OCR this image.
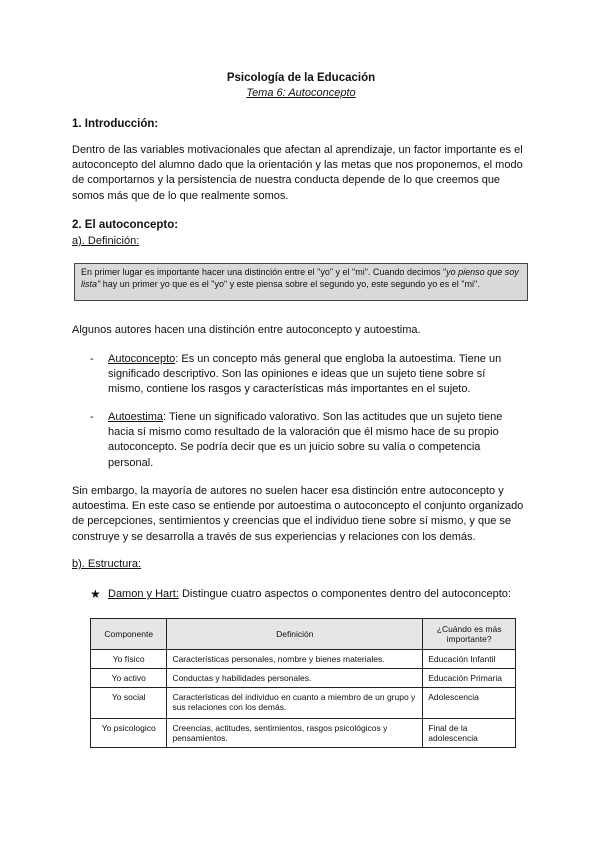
Psicología de la Educación
Tema 6: Autoconcepto
1. Introducción:
Dentro de las variables motivacionales que afectan al aprendizaje, un factor importante es el autoconcepto del alumno dado que la orientación y las metas que nos proponemos, el modo de comportarnos y la persistencia de nuestra conducta depende de lo que creemos que somos más que de lo que realmente somos.
2. El autoconcepto:
a). Definición:
En primer lugar es importante hacer una distinción entre el "yo" y el "mi". Cuando decimos "yo pienso que soy lista" hay un primer yo que es el "yo" y este piensa sobre el segundo yo, este segundo yo es el "mi".
Algunos autores hacen una distinción entre autoconcepto y autoestima.
- Autoconcepto: Es un concepto más general que engloba la autoestima. Tiene un significado descriptivo. Son las opiniones e ideas que un sujeto tiene sobre sí mismo, contiene los rasgos y características más importantes en el sujeto.
- Autoestima: Tiene un significado valorativo. Son las actitudes que un sujeto tiene hacia sí mismo como resultado de la valoración que él mismo hace de su propio autoconcepto. Se podría decir que es un juicio sobre su valía o competencia personal.
Sin embargo, la mayoría de autores no suelen hacer esa distinción entre autoconcepto y autoestima. En este caso se entiende por autoestima o autoconcepto el conjunto organizado de percepciones, sentimientos y creencias que el individuo tiene sobre sí mismo, y que se construye y se desarrolla a través de sus experiencias y relaciones con los demás.
b). Estructura:
★ Damon y Hart: Distingue cuatro aspectos o componentes dentro del autoconcepto:
Componente	Definición	¿Cuándo es más importante?
Yo físico	Características personales, nombre y bienes materiales.	Educación Infantil
Yo activo	Conductas y habilidades personales.	Educación Primaria
Yo social	Características del individuo en cuanto a miembro de un grupo y sus relaciones con los demás.	Adolescencia
Yo psicologico	Creencias, actitudes, sentimientos, rasgos psicológicos y pensamientos.	Final de la adolescencia
